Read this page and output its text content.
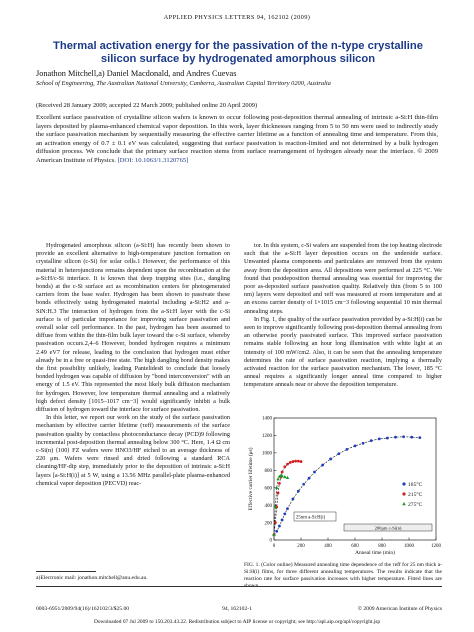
APPLIED PHYSICS LETTERS 94, 162102 (2009)
Thermal activation energy for the passivation of the n-type crystalline silicon surface by hydrogenated amorphous silicon
Jonathon Mitchell,a) Daniel Macdonald, and Andres Cuevas
School of Engineering, The Australian National University, Canberra, Australian Capital Territory 0200, Australia
(Received 28 January 2009; accepted 22 March 2009; published online 20 April 2009)
Excellent surface passivation of crystalline silicon wafers is known to occur following post-deposition thermal annealing of intrinsic a-Si:H thin-film layers deposited by plasma-enhanced chemical vapor deposition. In this work, layer thicknesses ranging from 5 to 50 nm were used to indirectly study the surface passivation mechanism by sequentially measuring the effective carrier lifetime as a function of annealing time and temperature. From this, an activation energy of 0.7 ± 0.1 eV was calculated, suggesting that surface passivation is reaction-limited and not determined by a bulk hydrogen diffusion process. We conclude that the primary surface reaction stems from surface rearrangement of hydrogen already near the interface. © 2009 American Institute of Physics. [DOI: 10.1063/1.3120765]

Hydrogenated amorphous silicon (a-Si:H) has recently been shown to provide an excellent alternative to high-temperature junction formation on crystalline silicon (c-Si) for solar cells.1 However, the performance of this material in heterojunctions remains dependent upon the recombination at the a-Si:H/c-Si interface. It is known that deep trapping sites (i.e., dangling bonds) at the c-Si surface act as recombination centers for photogenerated carriers from the base wafer. Hydrogen has been shown to passivate these bonds effectively using hydrogenated material including a-Si:H2 and a-SiN:H.3 The interaction of hydrogen from the a-Si:H layer with the c-Si surface is of particular importance for improving surface passivation and overall solar cell performance. In the past, hydrogen has been assumed to diffuse from within the thin-film bulk layer toward the c-Si surface, whereby passivation occurs.2,4–6 However, bonded hydrogen requires a minimum 2.49 eV7 for release, leading to the conclusion that hydrogen must either already be in a free or quasi-free state. The high dangling bond density makes the first possibility unlikely, leading Pantelides8 to conclude that loosely bonded hydrogen was capable of diffusion by "bond interconversion" with an energy of 1.5 eV. This represented the most likely bulk diffusion mechanism for hydrogen. However, low temperature thermal annealing and a relatively high defect density [1015–1017 cm−3] would significantly inhibit a bulk diffusion of hydrogen toward the interface for surface passivation.

In this letter, we report our work on the study of the surface passivation mechanism by effective carrier lifetime (τeff) measurements of the surface passivation quality by contactless photoconductance decay (PCD)9 following incremental post-deposition thermal annealing below 300 °C. Here, 1.4 Ω cm c-Si(n) ⟨100⟩ FZ wafers were HNO3/HF etched to an average thickness of 220 μm. Wafers were rinsed and dried following a standard RCA cleaning/HF-dip step, immediately prior to the deposition of intrinsic a-Si:H layers [a-Si:H(i)] at 5 W, using a 13.56 MHz parallel-plate plasma-enhanced chemical vapor deposition (PECVD) reac-

tor. In this system, c-Si wafers are suspended from the top heating electrode such that the a-Si:H layer deposition occurs on the underside surface. Unwanted plasma components and particulates are removed from the system away from the deposition area. All depositions were performed at 225 °C. We found that postdeposition thermal annealing was essential for improving the poor as-deposited surface passivation quality. Relatively thin (from 5 to 100 nm) layers were deposited and τeff was measured at room temperature and at an excess carrier density of 1×1015 cm−3 following sequential 10 min thermal annealing steps.

In Fig. 1, the quality of the surface passivation provided by a-Si:H(i) can be seen to improve significantly following post-deposition thermal annealing from an otherwise poorly passivated surface. This improved surface passivation remains stable following an hour long illumination with white light at an intensity of 100 mW/cm2. Also, it can be seen that the annealing temperature determines the rate of surface passivation reaction, implying a thermally activated reaction for the surface passivation mechanism. The lower, 185 °C anneal requires a significantly longer anneal time compared to higher temperature anneals near or above the deposition temperature.

0	200	400	600	800	1000	1200
0
200
400
600
800
1000
1200
1400
Anneal time (min)
Effective carrier lifetime (μs)	185°C
215°C
275°C
25nm a-Si:H(i)
200μm c-Si(n)
FIG. 1. (Color online) Measured annealing time dependence of the τeff for 25 nm thick a-Si:H(i) films, for three different annealing temperatures. The results indicate that the reaction rate for surface passivation increases with higher temperature. Fitted lines are shown.
a)Electronic mail: jonathon.mitchell@anu.edu.au.
0003-6951/2009/94(16)/162102/3/$25.00	94, 162102-1	© 2009 American Institute of Physics
Downloaded 07 Jul 2009 to 150.203.43.22. Redistribution subject to AIP license or copyright; see http://apl.aip.org/apl/copyright.jsp
